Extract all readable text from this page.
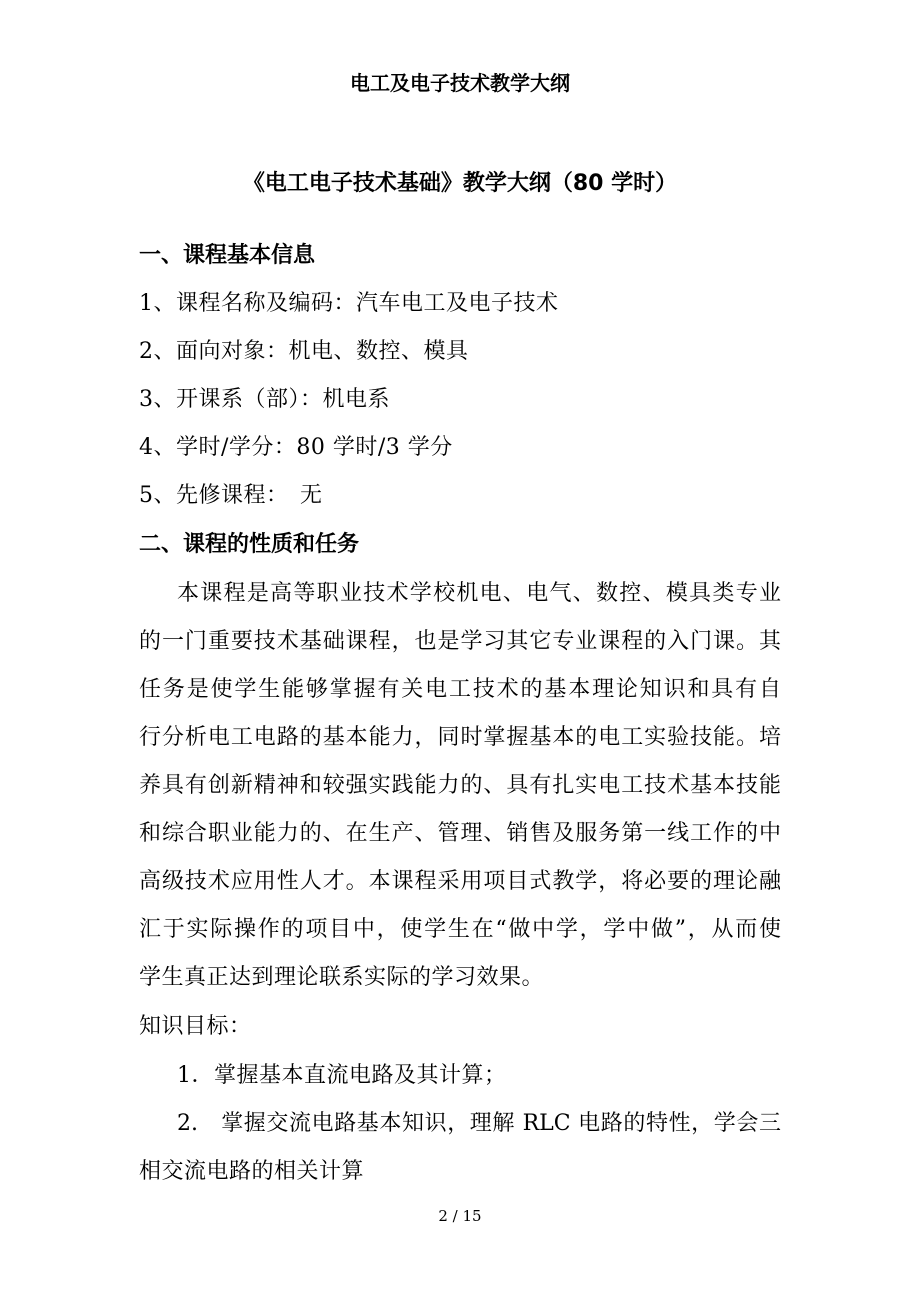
电工及电子技术教学大纲
《电工电子技术基础》教学大纲（80 学时）
一、课程基本信息
1、课程名称及编码：汽车电工及电子技术
2、面向对象：机电、数控、模具
3、开课系（部）：机电系
4、学时/学分：80 学时/3 学分
5、先修课程：　无
二、课程的性质和任务
本课程是高等职业技术学校机电、电气、数控、模具类专业
的一门重要技术基础课程，也是学习其它专业课程的入门课。其
任务是使学生能够掌握有关电工技术的基本理论知识和具有自
行分析电工电路的基本能力，同时掌握基本的电工实验技能。培
养具有创新精神和较强实践能力的、具有扎实电工技术基本技能
和综合职业能力的、在生产、管理、销售及服务第一线工作的中
高级技术应用性人才。本课程采用项目式教学，将必要的理论融
汇于实际操作的项目中，使学生在“做中学，学中做”，从而使
学生真正达到理论联系实际的学习效果。
知识目标：
1．掌握基本直流电路及其计算；
2.　掌握交流电路基本知识，理解 RLC 电路的特性，学会三
相交流电路的相关计算
2 / 15
